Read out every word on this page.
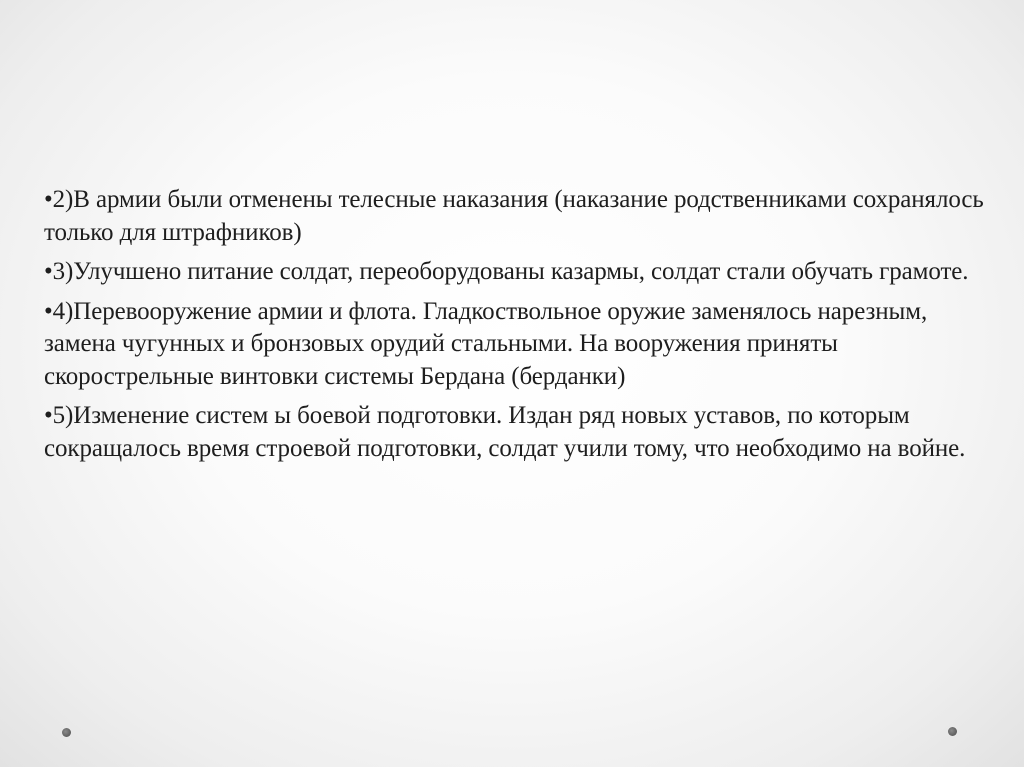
•2)В армии были отменены телесные наказания (наказание родственниками сохранялось только для штрафников)

•3)Улучшено питание солдат, переоборудованы казармы, солдат стали обучать грамоте.

•4)Перевооружение армии и флота. Гладкоствольное оружие заменялось нарезным, замена чугунных и бронзовых орудий стальными. На вооружения приняты скорострельные винтовки системы Бердана (берданки)

•5)Изменение систем ы боевой подготовки. Издан ряд новых уставов, по которым сокращалось время строевой подготовки, солдат учили тому, что необходимо на войне.
